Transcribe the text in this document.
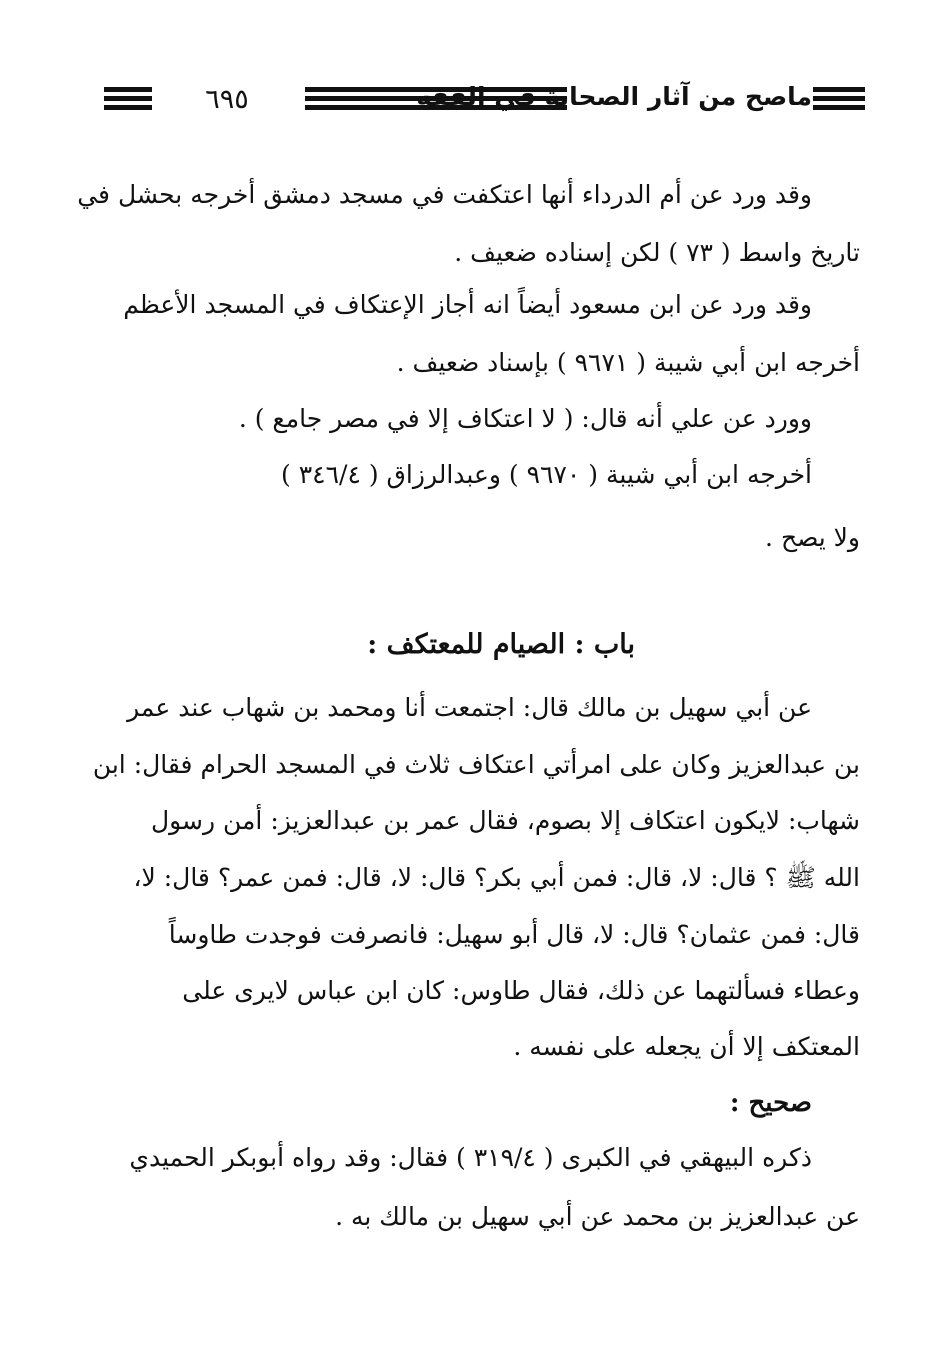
٦٩٥	ماصح من آثار الصحابة في الفقه
وقد ورد عن أم الدرداء أنها اعتكفت في مسجد دمشق أخرجه بحشل في
تاريخ واسط ( ٧٣ ) لكن إسناده ضعيف .
وقد ورد عن ابن مسعود أيضاً انه أجاز الإعتكاف في المسجد الأعظم
أخرجه ابن أبي شيبة ( ٩٦٧١ ) بإسناد ضعيف .
وورد عن علي أنه قال: ( لا اعتكاف إلا في مصر جامع ) .
أخرجه ابن أبي شيبة ( ٩٦٧٠ ) وعبدالرزاق ( ٣٤٦/٤ )
ولا يصح .
باب : الصيام للمعتكف :
عن أبي سهيل بن مالك قال: اجتمعت أنا ومحمد بن شهاب عند عمر
بن عبدالعزيز وكان على امرأتي اعتكاف ثلاث في المسجد الحرام فقال: ابن
شهاب: لايكون اعتكاف إلا بصوم، فقال عمر بن عبدالعزيز: أمن رسول
الله ﷺ ؟ قال: لا، قال: فمن أبي بكر؟ قال: لا، قال: فمن عمر؟ قال: لا،
قال: فمن عثمان؟ قال: لا، قال أبو سهيل: فانصرفت فوجدت طاوساً
وعطاء فسألتهما عن ذلك، فقال طاوس: كان ابن عباس لايرى على
المعتكف إلا أن يجعله على نفسه .
صحيح :
ذكره البيهقي في الكبرى ( ٣١٩/٤ ) فقال: وقد رواه أبوبكر الحميدي
عن عبدالعزيز بن محمد عن أبي سهيل بن مالك به .
